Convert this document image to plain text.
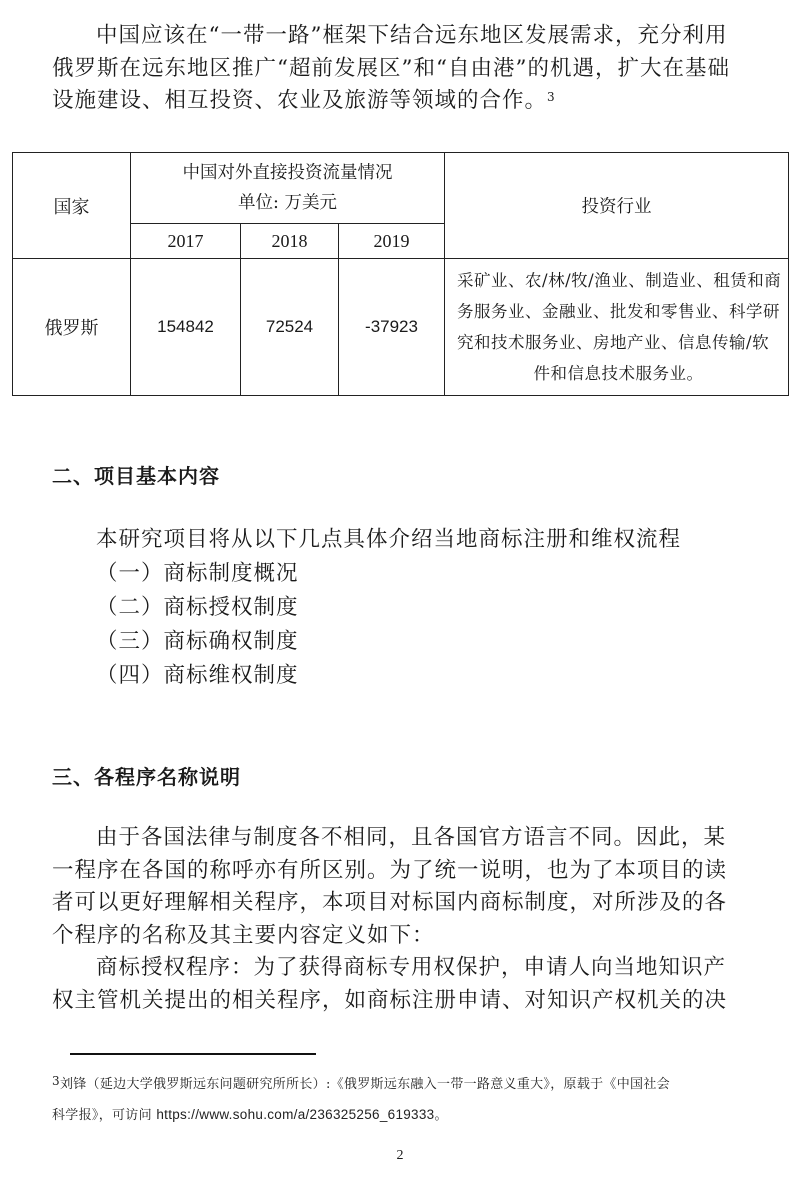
中国应该在“一带一路”框架下结合远东地区发展需求，充分利用
俄罗斯在远东地区推广“超前发展区”和“自由港”的机遇，扩大在基础
设施建设、相互投资、农业及旅游等领域的合作。$^3$
国家	中国对外直接投资流量情况
单位: 万美元			投资行业
	2017	2018	2019	
俄罗斯	154842	72524	-37923	采矿业、农/林/牧/渔业、制造业、租赁和商
务服务业、金融业、批发和零售业、科学研
究和技术服务业、房地产业、信息传输/软
件和信息技术服务业。
二、项目基本内容
本研究项目将从以下几点具体介绍当地商标注册和维权流程
（一）商标制度概况
（二）商标授权制度
（三）商标确权制度
（四）商标维权制度
三、各程序名称说明
由于各国法律与制度各不相同，且各国官方语言不同。因此，某
一程序在各国的称呼亦有所区别。为了统一说明，也为了本项目的读
者可以更好理解相关程序，本项目对标国内商标制度，对所涉及的各
个程序的名称及其主要内容定义如下：
商标授权程序：为了获得商标专用权保护，申请人向当地知识产
权主管机关提出的相关程序，如商标注册申请、对知识产权机关的决
$^3$刘锋（延边大学俄罗斯远东问题研究所所长）:《俄罗斯远东融入一带一路意义重大》，原载于《中国社会
科学报》，可访问 https://www.sohu.com/a/236325256_619333。
2
